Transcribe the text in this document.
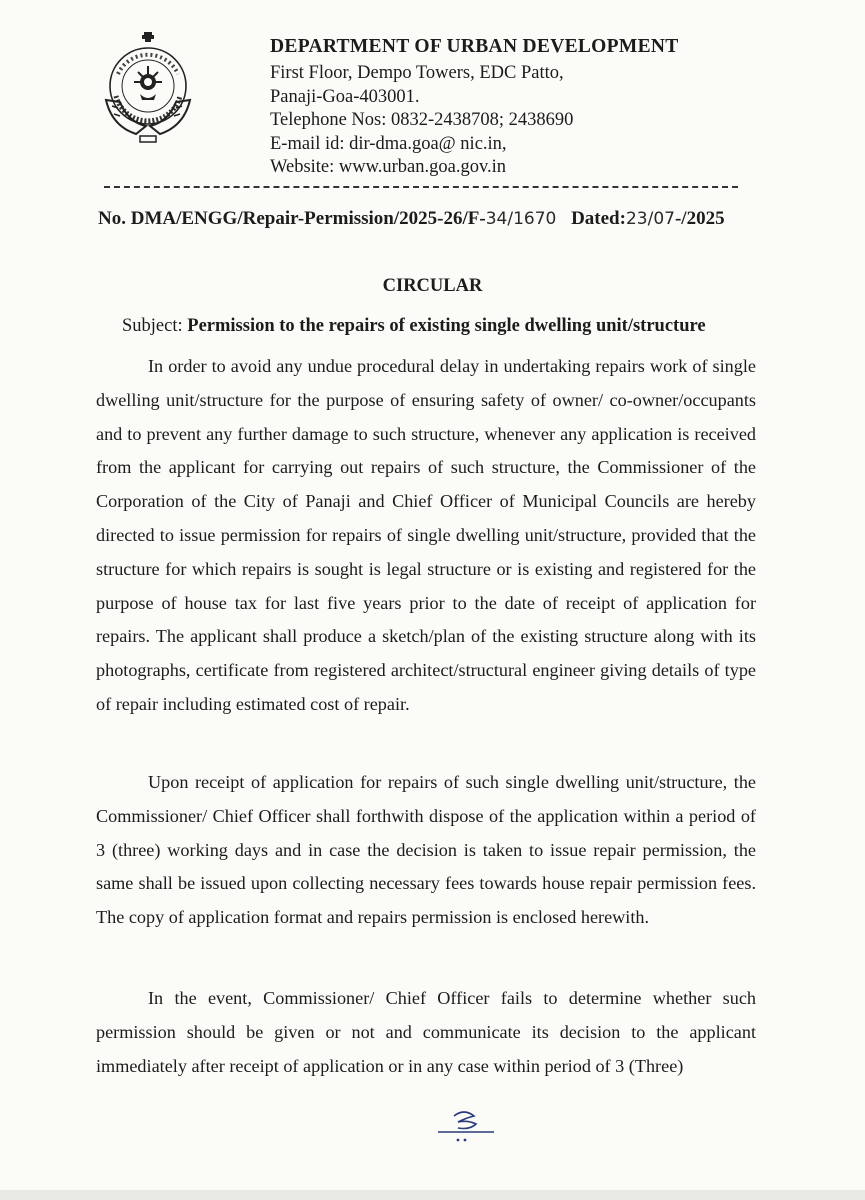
DEPARTMENT OF URBAN DEVELOPMENT
First Floor, Dempo Towers, EDC Patto,
Panaji-Goa-403001.
Telephone Nos: 0832-2438708; 2438690
E-mail id: dir-dma.goa@ nic.in,
Website: www.urban.goa.gov.in
No. DMA/ENGG/Repair-Permission/2025-26/F-34/1670 Dated:23/07-/2025
CIRCULAR
Subject: Permission to the repairs of existing single dwelling unit/structure

In order to avoid any undue procedural delay in undertaking repairs work of single dwelling unit/structure for the purpose of ensuring safety of owner/ co-owner/occupants and to prevent any further damage to such structure, whenever any application is received from the applicant for carrying out repairs of such structure, the Commissioner of the Corporation of the City of Panaji and Chief Officer of Municipal Councils are hereby directed to issue permission for repairs of single dwelling unit/structure, provided that the structure for which repairs is sought is legal structure or is existing and registered for the purpose of house tax for last five years prior to the date of receipt of application for repairs. The applicant shall produce a sketch/plan of the existing structure along with its photographs, certificate from registered architect/structural engineer giving details of type of repair including estimated cost of repair.

Upon receipt of application for repairs of such single dwelling unit/structure, the Commissioner/ Chief Officer shall forthwith dispose of the application within a period of 3 (three) working days and in case the decision is taken to issue repair permission, the same shall be issued upon collecting necessary fees towards house repair permission fees. The copy of application format and repairs permission is enclosed herewith.

In the event, Commissioner/ Chief Officer fails to determine whether such permission should be given or not and communicate its decision to the applicant immediately after receipt of application or in any case within period of 3 (Three)
